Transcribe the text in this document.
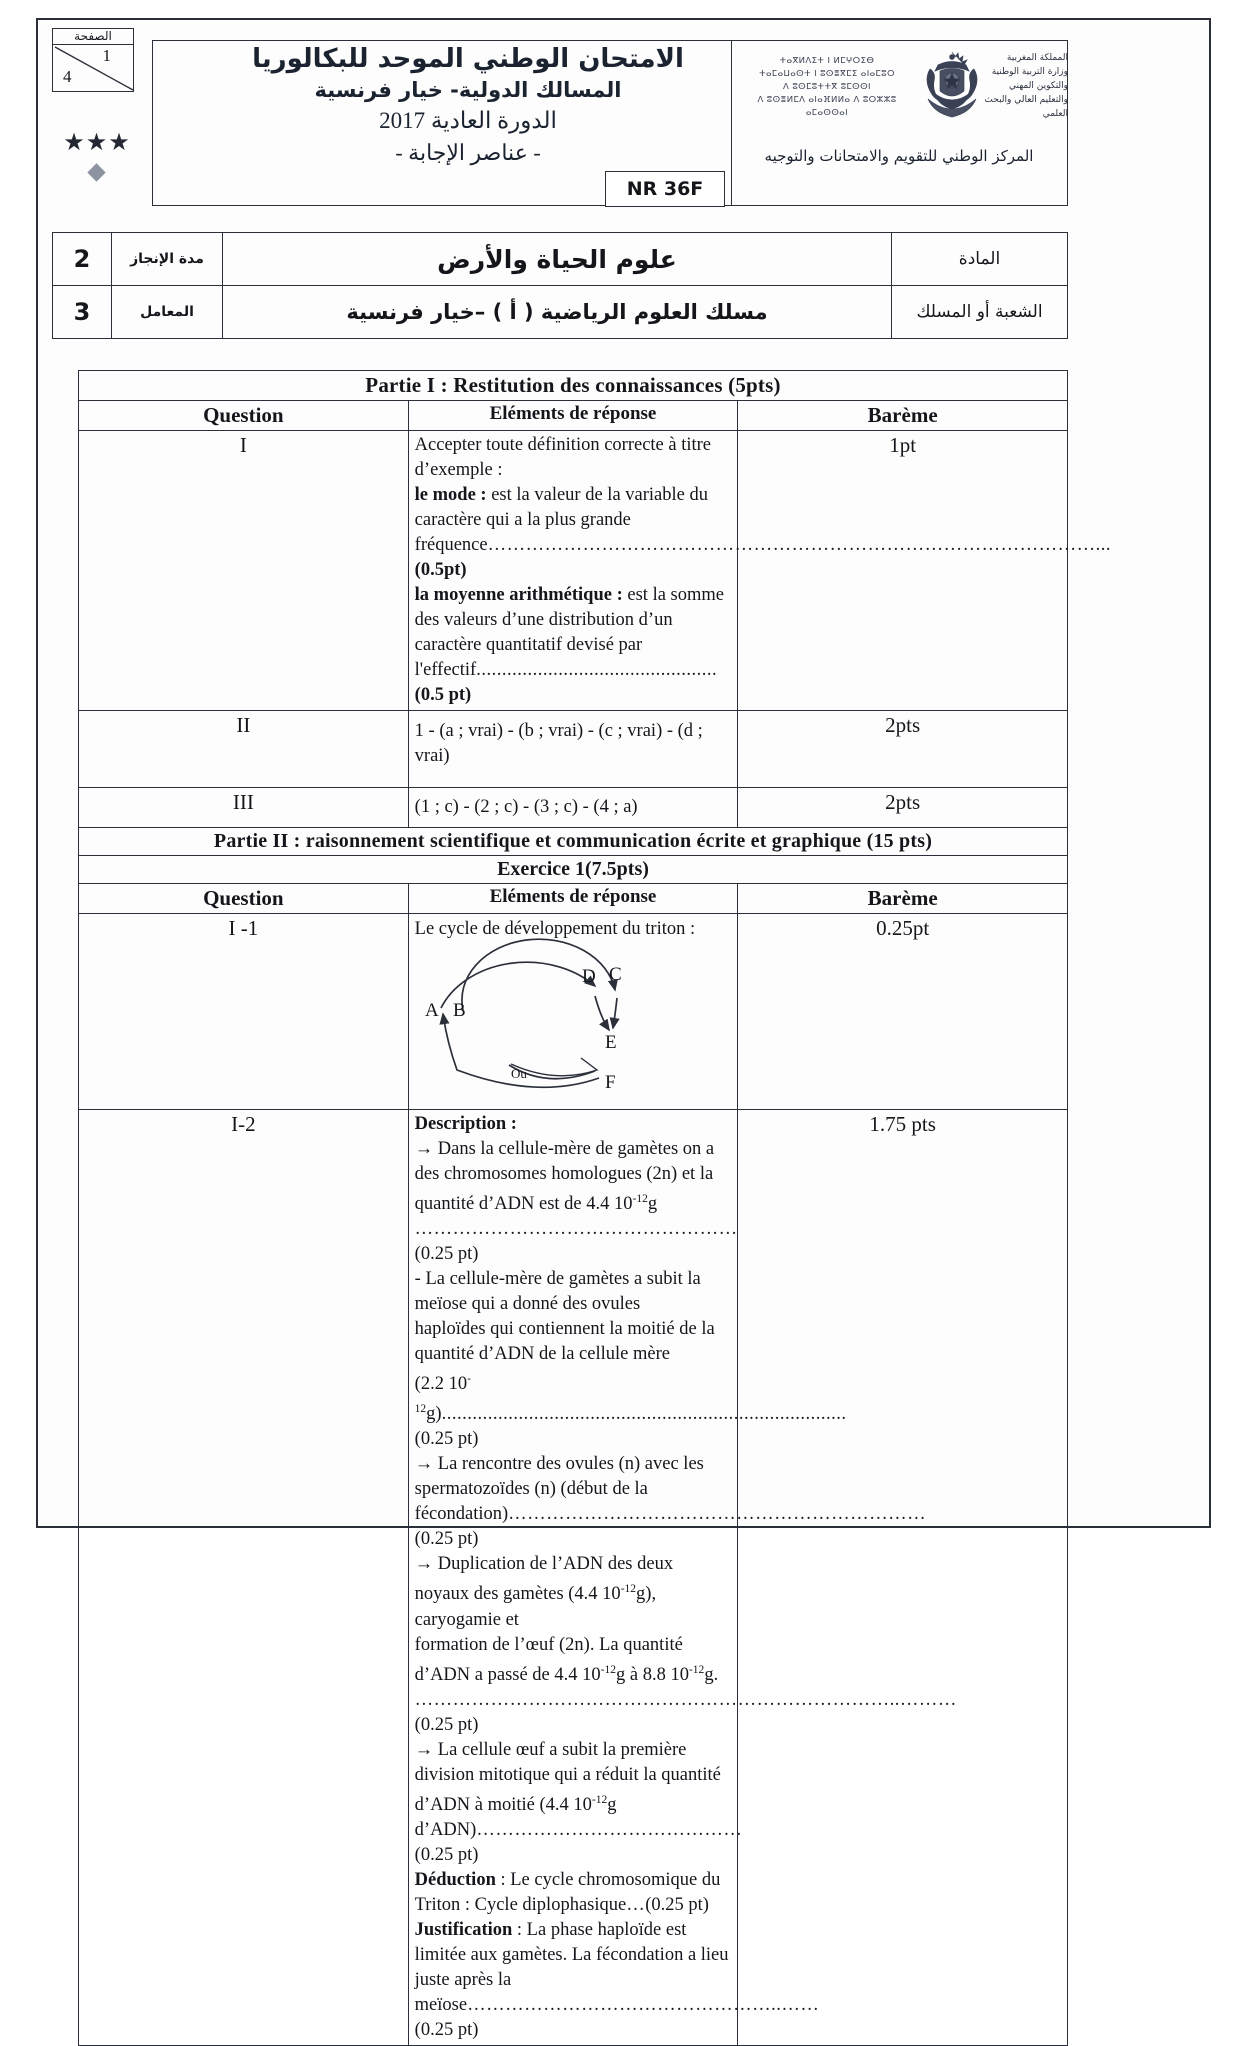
الصفحة
1
4
★★★
الامتحان الوطني الموحد للبكالوريا
المسالك الدولية- خيار فرنسية
الدورة العادية 2017
- عناصر الإجابة -
NR 36F
ⵜⴰⴳⵍⴷⵉⵜ ⵏ ⵍⵎⵖⵔⵉⴱ
ⵜⴰⵎⴰⵡⴰⵙⵜ ⵏ ⵓⵙⴻⴳⵎⵉ ⴰⵏⴰⵎⵓⵔ
ⴷ ⵓⵙⵎⵓⵜⵜⴳ ⵓⵎⵙⵙⵏ
ⴷ ⵓⵙⴻⵍⵎⴷ ⴰⵏⴰⴼⵍⵍⴰ ⴷ ⵓⵔⵣⵣⵓ ⴰⵎⴰⵙⵙⴰⵏ
المملكة المغربية
وزارة التربية الوطنية
والتكوين المهني
والتعليم العالي والبحث العلمي
المركز الوطني للتقويم والامتحانات والتوجيه
2	مدة الإنجاز	علوم الحياة والأرض	المادة
3	المعامل	مسلك العلوم الرياضية ( أ ) –خيار فرنسية	الشعبة أو المسلك
Partie I : Restitution des connaissances (5pts)		
Question	Eléments de réponse	Barème
I	Accepter toute définition correcte à titre d’exemple :
le mode : est la valeur de la variable du caractère qui a la plus grande
fréquence……………………………………………………………………………………...(0.5pt)
la moyenne arithmétique : est la somme des valeurs d’une distribution d’un
caractère quantitatif devisé par l'effectif...............................................(0.5 pt)	1pt
II	1 - (a ; vrai) - (b ; vrai) - (c ; vrai) - (d ; vrai)	2pts
III	(1 ; c) - (2 ; c) - (3 ; c) - (4 ; a)	2pts
Partie II : raisonnement scientifique et communication écrite et graphique (15 pts)		
Exercice 1(7.5pts)		
Question	Eléments de réponse	Barème
I -1	Le cycle de développement du triton :
A B
D C
E
F
Ou
	0.25pt
I-2	Description :
→ Dans la cellule-mère de gamètes on a des chromosomes homologues (2n) et la
quantité d’ADN est de 4.4 $10^{-12}g$ ……………………………………………(0.25 pt)
- La cellule-mère de gamètes a subit la meïose qui a donné des ovules
haploïdes qui contiennent la moitié de la quantité d’ADN de la cellule mère
(2.2 $10^{-12}g)...............................................................................(0.25$ pt)
→ La rencontre des ovules (n) avec les spermatozoïdes (n) (début de la
fécondation)…………………………………………………………(0.25 pt)
→ Duplication de l’ADN des deux noyaux des gamètes (4.4 $10^{-12}g$), caryogamie et
formation de l’œuf (2n). La quantité d’ADN a passé de 4.4 $10^{-12}g$ à 8.8 $10^{-12}g$.
…………………………………………………………………..………(0.25 pt)
→ La cellule œuf a subit la première division mitotique qui a réduit la quantité
d’ADN à moitié (4.4 $10^{-12}g$ d’ADN)……………………………………(0.25 pt)
Déduction : Le cycle chromosomique du Triton : Cycle diplophasique…(0.25 pt)
Justification : La phase haploïde est limitée aux gamètes. La fécondation a lieu
juste après la meïose…………………………………………..……(0.25 pt)
	1.75 pts
